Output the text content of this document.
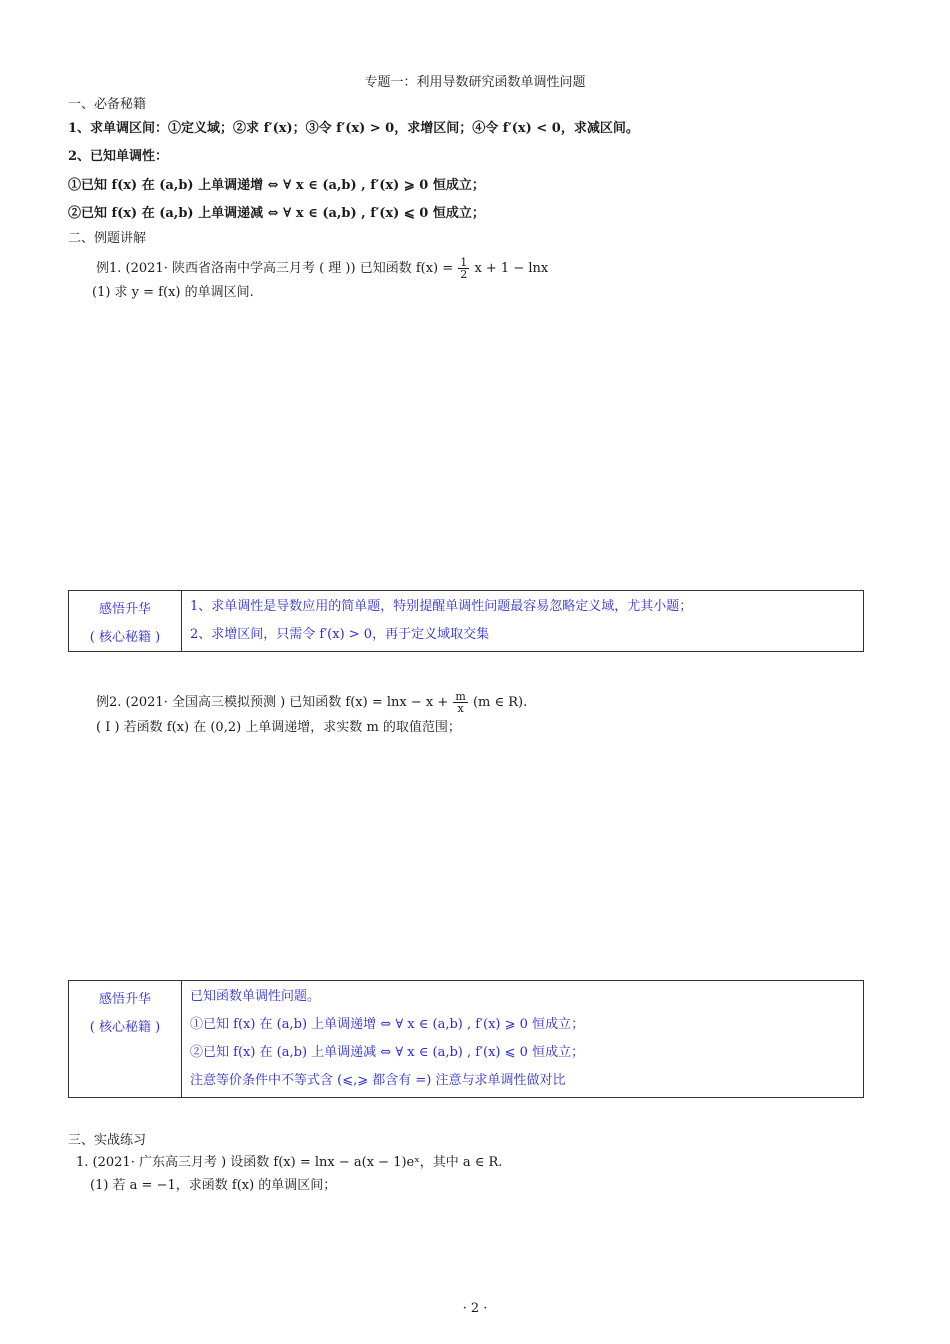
专题一：利用导数研究函数单调性问题
一、必备秘籍
1、求单调区间：①定义域；②求 f′(x)；③令 f′(x) > 0，求增区间；④令 f′(x) < 0，求减区间。
2、已知单调性：
①已知 f(x) 在 (a,b) 上单调递增 ⇔ ∀ x ∈ (a,b) , f′(x) ⩾ 0 恒成立；
②已知 f(x) 在 (a,b) 上单调递减 ⇔ ∀ x ∈ (a,b) , f′(x) ⩽ 0 恒成立；
二、例题讲解
例1. (2021· 陕西省洛南中学高三月考 ( 理 )) 已知函数 $f(x) = \frac{1}{2}$ x + 1 − lnx
(1) 求 y = f(x) 的单调区间.
感悟升华
( 核心秘籍 )
1、求单调性是导数应用的简单题，特别提醒单调性问题最容易忽略定义域，尤其小题；
2、求增区间，只需令 f′(x) > 0，再于定义域取交集
例2. (2021· 全国高三模拟预测 ) 已知函数 $f(x) = \ln x - x + \frac{m}{x} (m$ ∈ R).
( Ⅰ ) 若函数 f(x) 在 (0,2) 上单调递增，求实数 m 的取值范围；
感悟升华
( 核心秘籍 )
已知函数单调性问题。
①已知 f(x) 在 (a,b) 上单调递增 ⇔ ∀ x ∈ (a,b) , f′(x) ⩾ 0 恒成立；
②已知 f(x) 在 (a,b) 上单调递减 ⇔ ∀ x ∈ (a,b) , f′(x) ⩽ 0 恒成立；
注意等价条件中不等式含 (⩽,⩾ 都含有 =) 注意与求单调性做对比
三、实战练习
1. (2021· 广东高三月考 ) 设函数 f(x) = lnx − a(x − 1)eˣ，其中 a ∈ R.
(1) 若 a = −1，求函数 f(x) 的单调区间；
· 2 ·
